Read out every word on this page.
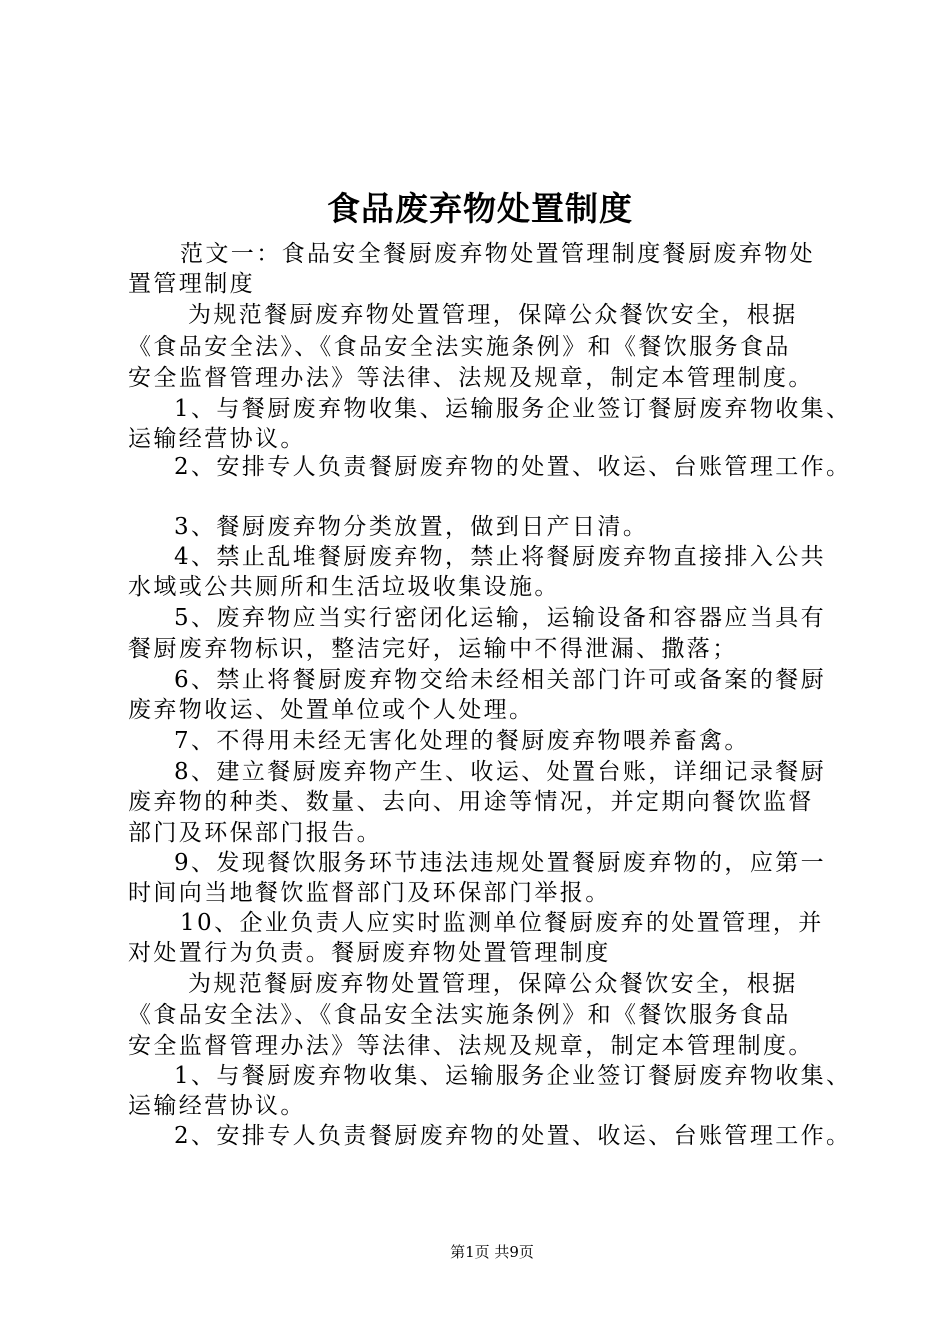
食品废弃物处置制度
范文一：食品安全餐厨废弃物处置管理制度餐厨废弃物处
置管理制度
为规范餐厨废弃物处置管理，保障公众餐饮安全，根据
《食品安全法》、《食品安全法实施条例》和《餐饮服务食品
安全监督管理办法》等法律、法规及规章，制定本管理制度。
1、与餐厨废弃物收集、运输服务企业签订餐厨废弃物收集、
运输经营协议。
2、安排专人负责餐厨废弃物的处置、收运、台账管理工作。
3、餐厨废弃物分类放置，做到日产日清。
4、禁止乱堆餐厨废弃物，禁止将餐厨废弃物直接排入公共
水域或公共厕所和生活垃圾收集设施。
5、废弃物应当实行密闭化运输，运输设备和容器应当具有
餐厨废弃物标识，整洁完好，运输中不得泄漏、撒落；
6、禁止将餐厨废弃物交给未经相关部门许可或备案的餐厨
废弃物收运、处置单位或个人处理。
7、不得用未经无害化处理的餐厨废弃物喂养畜禽。
8、建立餐厨废弃物产生、收运、处置台账，详细记录餐厨
废弃物的种类、数量、去向、用途等情况，并定期向餐饮监督
部门及环保部门报告。
9、发现餐饮服务环节违法违规处置餐厨废弃物的，应第一
时间向当地餐饮监督部门及环保部门举报。
10、企业负责人应实时监测单位餐厨废弃的处置管理，并
对处置行为负责。餐厨废弃物处置管理制度
为规范餐厨废弃物处置管理，保障公众餐饮安全，根据
《食品安全法》、《食品安全法实施条例》和《餐饮服务食品
安全监督管理办法》等法律、法规及规章，制定本管理制度。
1、与餐厨废弃物收集、运输服务企业签订餐厨废弃物收集、
运输经营协议。
2、安排专人负责餐厨废弃物的处置、收运、台账管理工作。
第1页 共9页
